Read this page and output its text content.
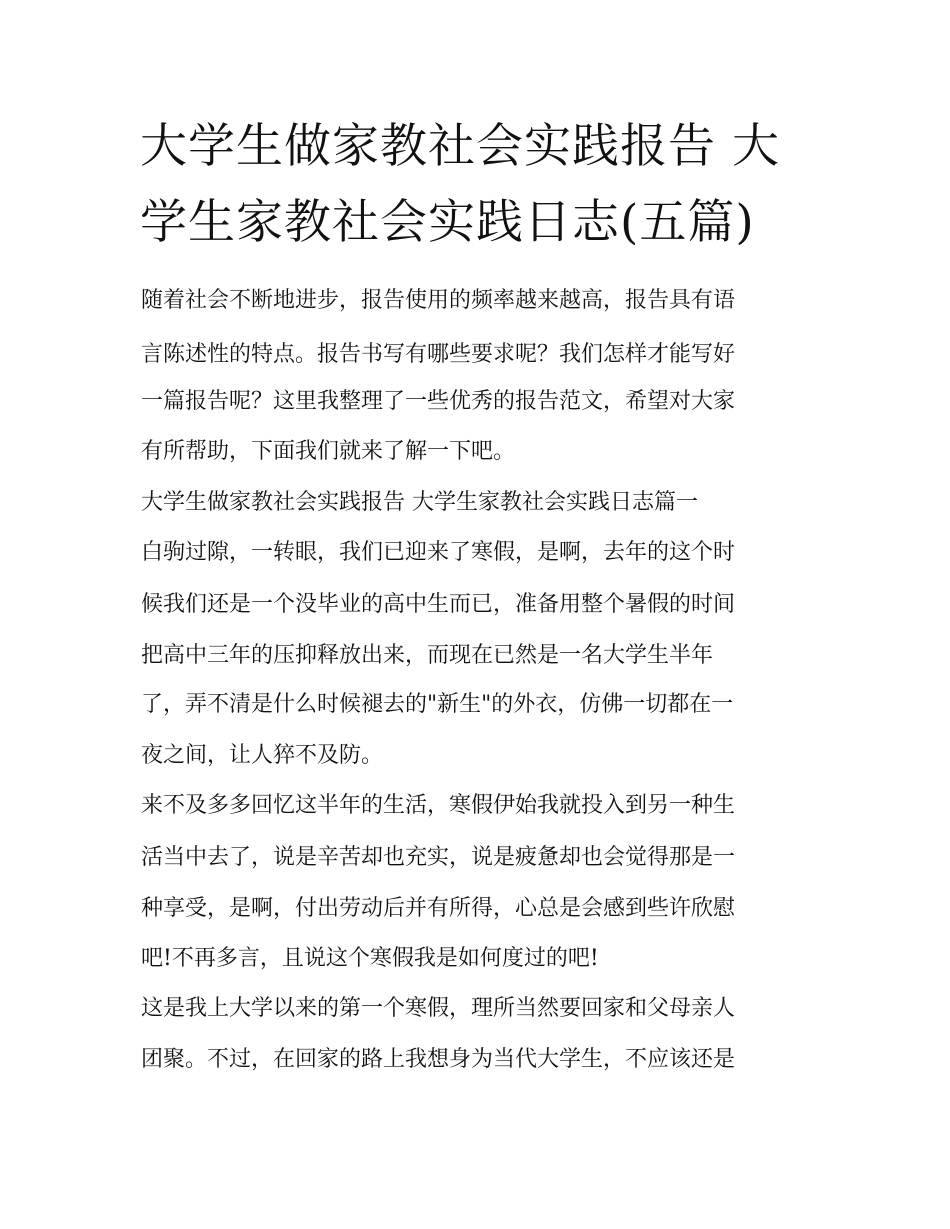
大学生做家教社会实践报告 大
学生家教社会实践日志(五篇)
随着社会不断地进步，报告使用的频率越来越高，报告具有语
言陈述性的特点。报告书写有哪些要求呢？我们怎样才能写好
一篇报告呢？这里我整理了一些优秀的报告范文，希望对大家
有所帮助，下面我们就来了解一下吧。
大学生做家教社会实践报告 大学生家教社会实践日志篇一
白驹过隙，一转眼，我们已迎来了寒假，是啊，去年的这个时
候我们还是一个没毕业的高中生而已，准备用整个暑假的时间
把高中三年的压抑释放出来，而现在已然是一名大学生半年
了，弄不清是什么时候褪去的"新生"的外衣，仿佛一切都在一
夜之间，让人猝不及防。
来不及多多回忆这半年的生活，寒假伊始我就投入到另一种生
活当中去了，说是辛苦却也充实，说是疲惫却也会觉得那是一
种享受，是啊，付出劳动后并有所得，心总是会感到些许欣慰
吧!不再多言，且说这个寒假我是如何度过的吧!
这是我上大学以来的第一个寒假，理所当然要回家和父母亲人
团聚。不过，在回家的路上我想身为当代大学生，不应该还是
